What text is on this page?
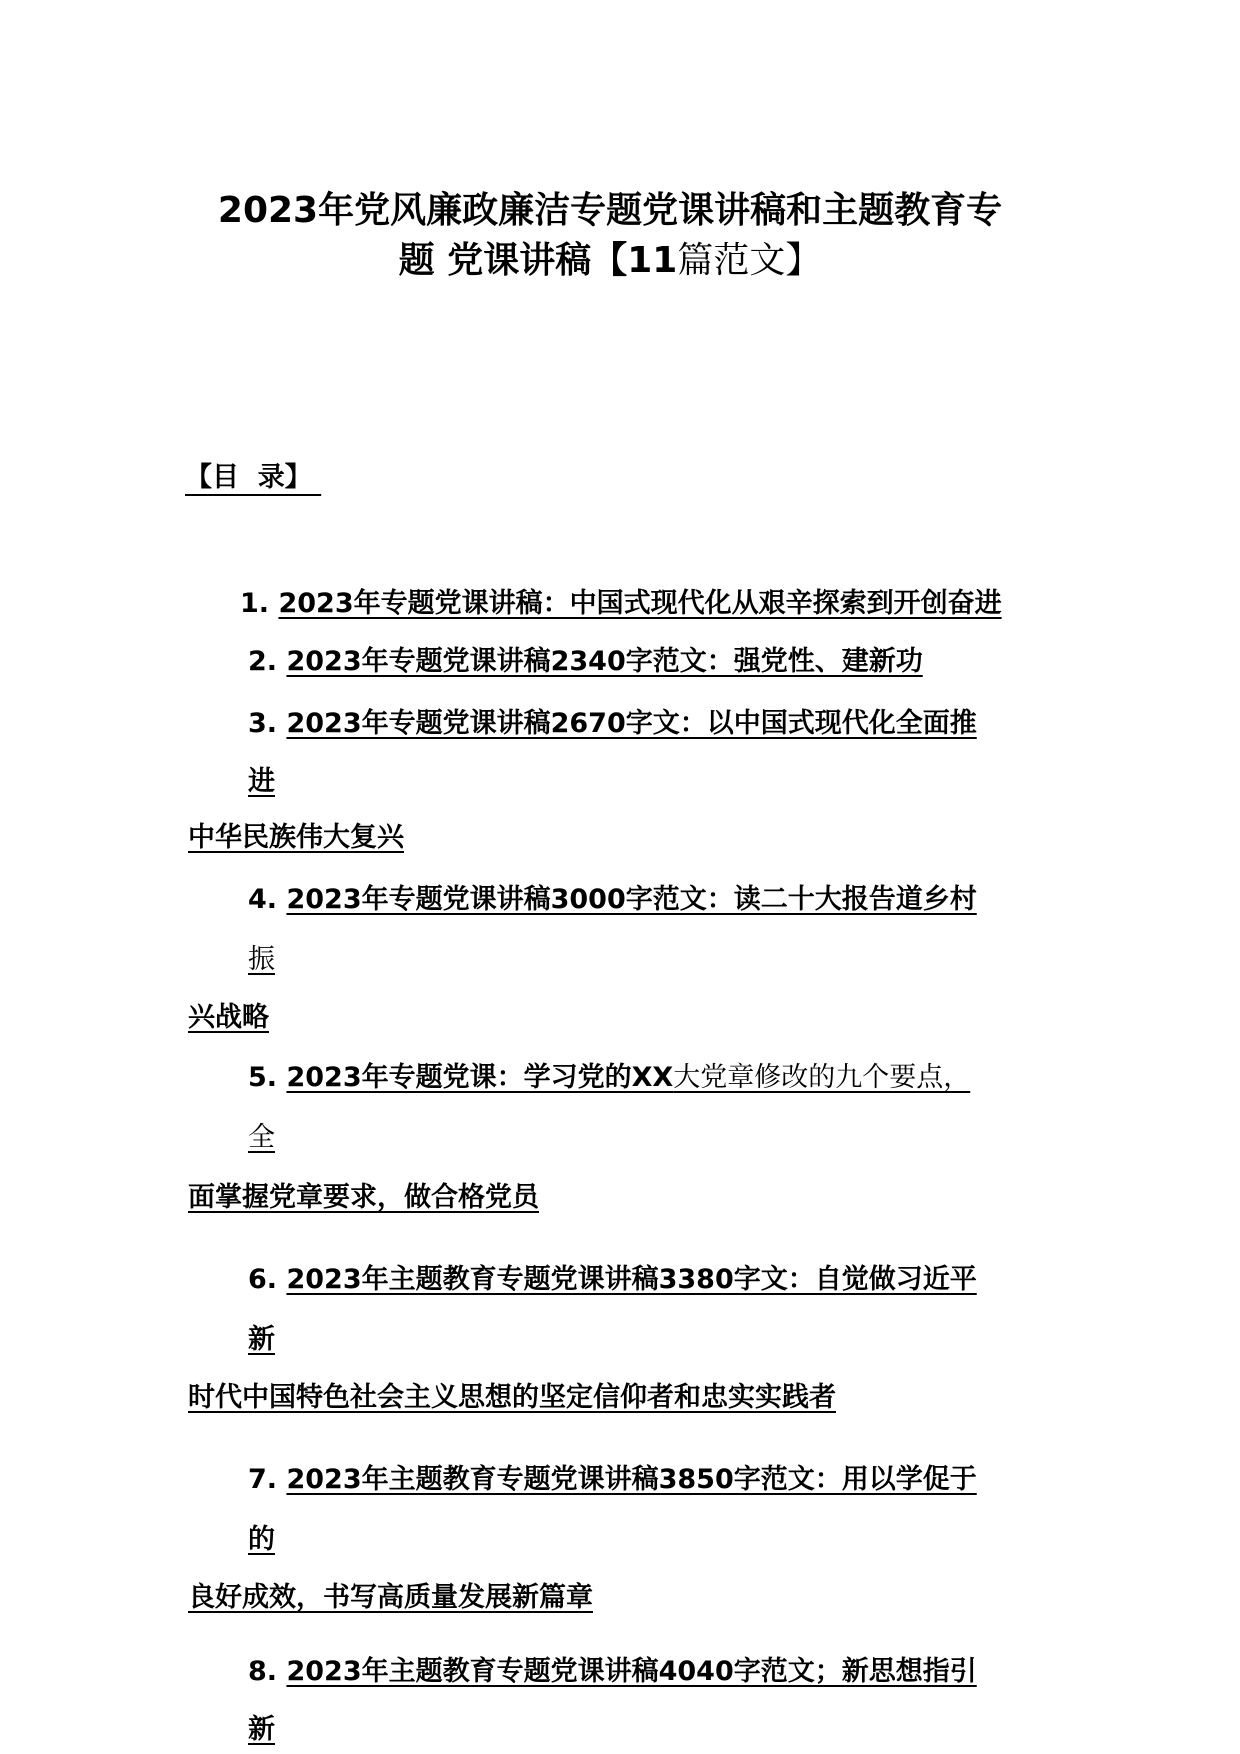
2023年党风廉政廉洁专题党课讲稿和主题教育专
题 党课讲稿【11篇范文】
【目  录】
1. 2023年专题党课讲稿：中国式现代化从艰辛探索到开创奋进
2. 2023年专题党课讲稿2340字范文：强党性、建新功
3. 2023年专题党课讲稿2670字文：以中国式现代化全面推
进
中华民族伟大复兴
4. 2023年专题党课讲稿3000字范文：读二十大报告道乡村
振
兴战略
5. 2023年专题党课：学习党的XX大党章修改的九个要点，
全
面掌握党章要求，做合格党员
6. 2023年主题教育专题党课讲稿3380字文：自觉做习近平
新
时代中国特色社会主义思想的坚定信仰者和忠实实践者
7. 2023年主题教育专题党课讲稿3850字范文：用以学促于
的
良好成效，书写高质量发展新篇章
8. 2023年主题教育专题党课讲稿4040字范文；新思想指引
新
